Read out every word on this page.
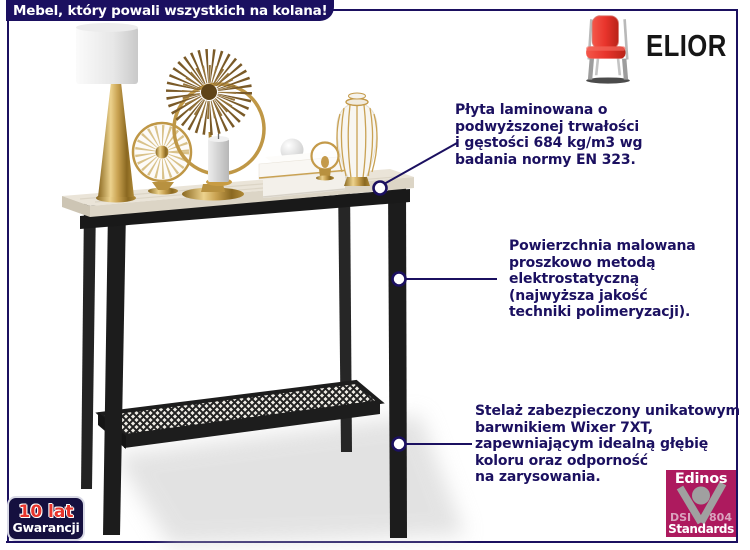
Mebel, który powali wszystkich na kolana!
ELIOR
Płyta laminowana o
podwyższonej trwałości
i gęstości 684 kg/m3 wg
badania normy EN 323.
Powierzchnia malowana
proszkowo metodą
elektrostatyczną
(najwyższa jakość
techniki polimeryzacji).
Stelaż zabezpieczony unikatowym
barwnikiem Wixer 7XT,
zapewniającym idealną głębię
koloru oraz odporność
na zarysowania.
10 lat
Gwarancji
Edinos
DSI 804
Standards
